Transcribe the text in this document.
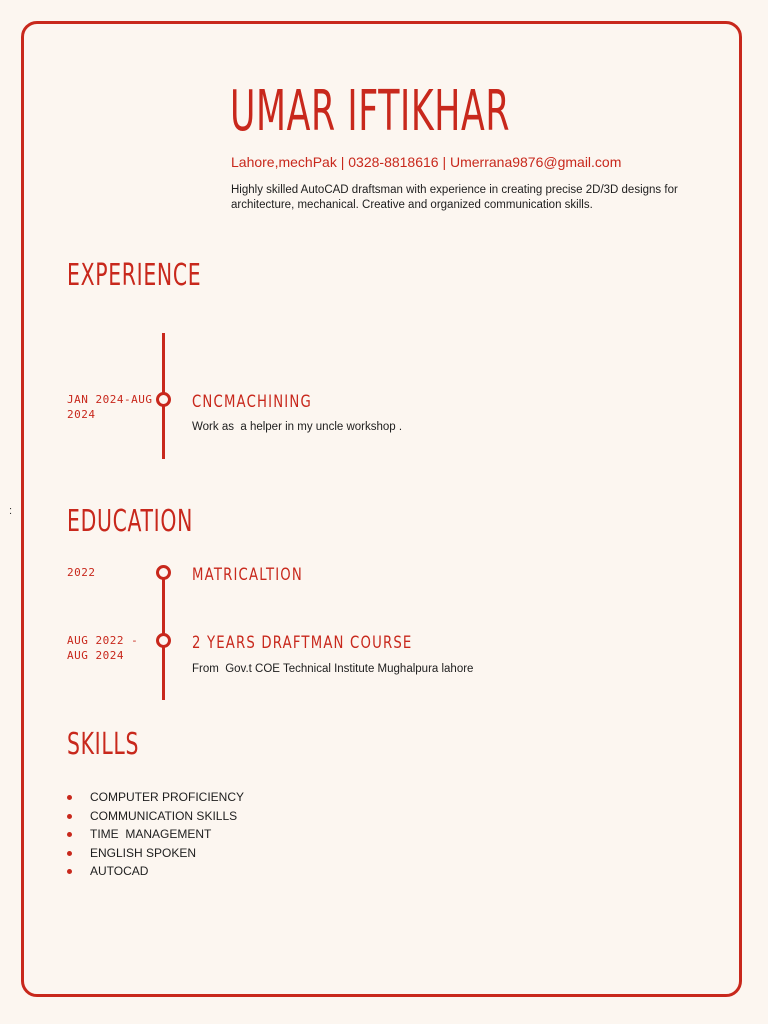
:
UMAR IFTIKHAR
Lahore,mechPak | 0328-8818616 | Umerrana9876@gmail.com
Highly skilled AutoCAD draftsman with experience in creating precise 2D/3D designs for architecture, mechanical. Creative and organized communication skills.
EXPERIENCE
JAN 2024-AUG 2024
CNCMACHINING
Work as  a helper in my uncle workshop .
EDUCATION
2022	MATRICALTION
AUG 2022 -AUG 2024
2 YEARS DRAFTMAN COURSE
From  Gov.t COE Technical Institute Mughalpura lahore
SKILLS
COMPUTER PROFICIENCY
COMMUNICATION SKILLS
TIME  MANAGEMENT
ENGLISH SPOKEN
AUTOCAD
